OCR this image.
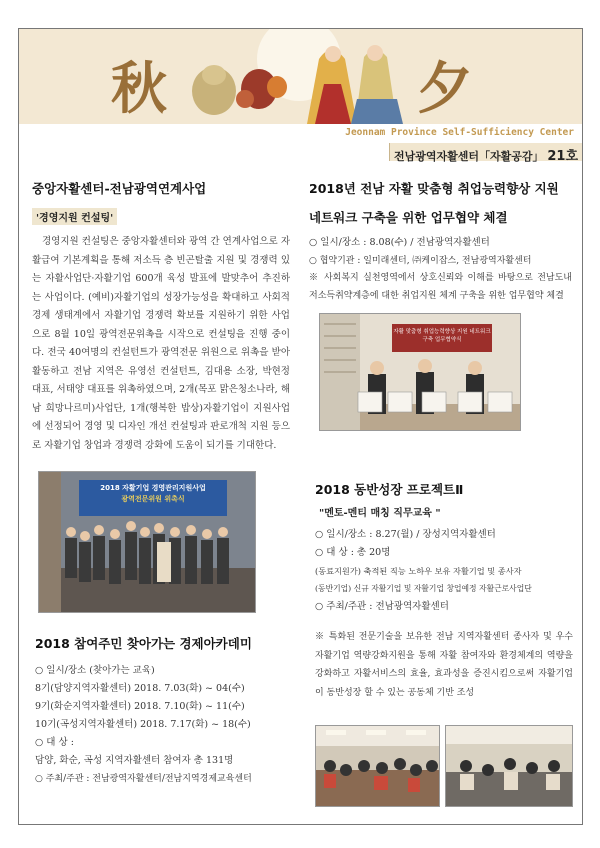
秋	夕
Jeonnam Province Self-Sufficiency Center
전남광역자활센터「자활공감」 21호
중앙자활센터-전남광역연계사업
'경영지원 컨설팅'

경영지원 컨설팅은 중앙자활센터와 광역 간 연계사업으로 자활급여 기본계획을 통해 저소득 층 빈곤탈출 지원 및 경쟁력 있는 자활사업단·자활기업 600개 육성 발표에 발맞추어 추진하는 사업이다. (예비)자활기업의 성장가능성을 확대하고 사회적경제 생태계에서 자활기업 경쟁력 확보를 지원하기 위한 사업으로 8월 10일 광역전문위촉을 시작으로 컨설팅을 진행 중이다. 전국 40여명의 컨설턴트가 광역전문 위원으로 위촉을 받아 활동하고 전남 지역은 유영선 컨설턴트, 김대용 소장, 박현정 대표, 서태양 대표를 위촉하였으며, 2개(목포 맑은청소나라, 해남 희망나르미)사업단, 1개(행복한 밥상)자활기업이 지원사업에 선정되어 경영 및 디자인 개선 컨설팅과 판로개척 지원 등으로 자활기업 창업과 경쟁력 강화에 도움이 되기를 기대한다.

2018 자활기업 경영관리지원사업
광역전문위원 위촉식
2018 참여주민 찾아가는 경제아카데미

○ 일시/장소 (찾아가는 교육)

8기(담양지역자활센터) 2018. 7.03(화) ~ 04(수)

9기(화순지역자활센터) 2018. 7.10(화) ~ 11(수)

10기(곡성지역자활센터) 2018. 7.17(화) ~ 18(수)

○ 대 상 :

담양, 화순, 곡성 지역자활센터 참여자 총 131명

○ 주최/주관 : 전남광역자활센터/전남지역경제교육센터

2018년 전남 자활 맞춤형 취업능력향상 지원
네트워크 구축을 위한 업무협약 체결

○ 일시/장소 : 8.08(수) / 전남광역자활센터

○ 협약기관 : 일미래센터, ㈜케이잡스, 전남광역자활센터

※ 사회복지 실천영역에서 상호신뢰와 이해를 바탕으로 전남도내 저소득취약계층에 대한 취업지원 체계 구축을 위한 업무협약 체결

자활 맞춤형 취업능력향상 지원 네트워크 구축 업무협약식
2018 동반성장 프로젝트Ⅱ
"멘토-멘티 매칭 직무교육 "

○ 일시/장소 : 8.27(월) / 장성지역자활센터

○ 대 상 : 총 20명

(동료지원가) 축적된 직능 노하우 보유 자활기업 및 종사자

(동반기업) 신규 자활기업 및 자활기업 창업예정 자활근로사업단

○ 주최/주관 : 전남광역자활센터

※ 특화된 전문기술을 보유한 전남 지역자활센터 종사자 및 우수 자활기업 역량강화지원을 통해 자활 참여자와 환경체계의 역량을 강화하고 자활서비스의 효율, 효과성을 증진시킴으로써 자활기업이 동반성장 할 수 있는 공동체 기반 조성
